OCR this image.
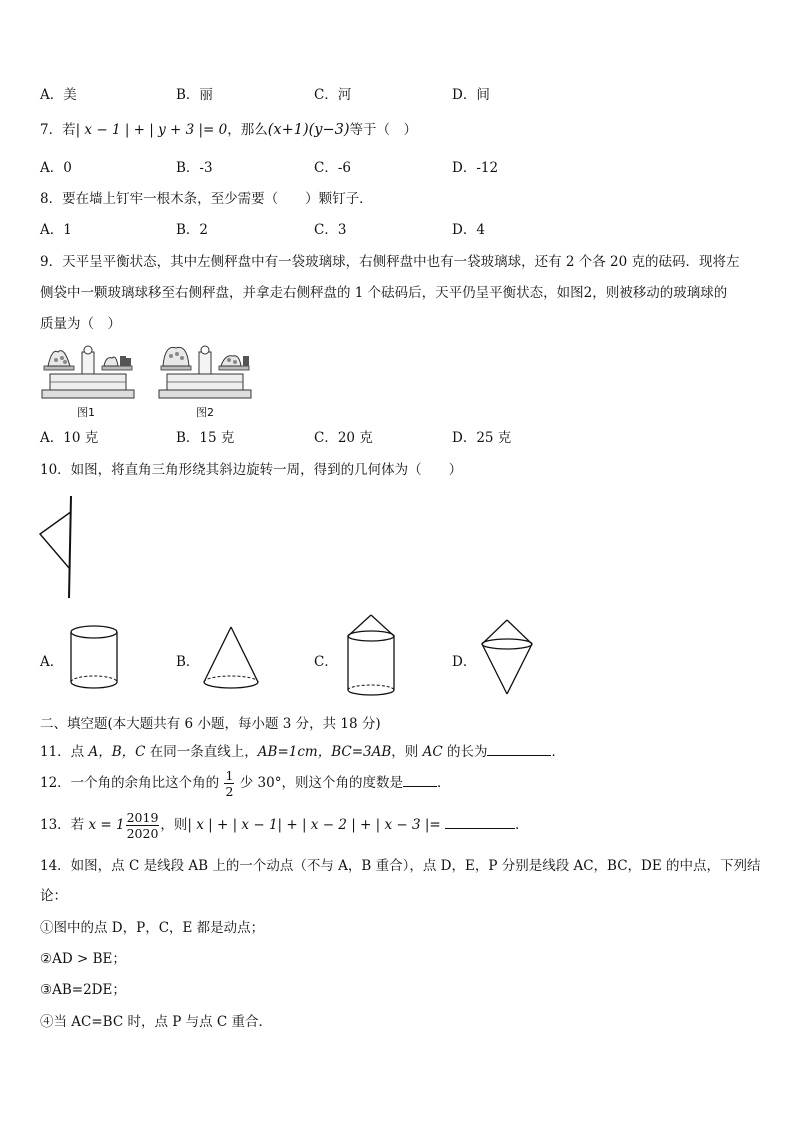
A．美	B．丽	C．河	D．间
7．若| x − 1 | + | y + 3 |= 0，那么(x+1)(y−3)等于（　）
A．0	B．-3	C．-6	D．-12
8．要在墙上钉牢一根木条，至少需要（　　）颗钉子．
A．1	B．2	C．3	D．4
9．天平呈平衡状态，其中左侧秤盘中有一袋玻璃球，右侧秤盘中也有一袋玻璃球，还有 2 个各 20 克的砝码．现将左
侧袋中一颗玻璃球移至右侧秤盘，并拿走右侧秤盘的 1 个砝码后，天平仍呈平衡状态，如图2，则被移动的玻璃球的
质量为（　）
图1	图2
A．10 克	B．15 克	C．20 克	D．25 克
10．如图，将直角三角形绕其斜边旋转一周，得到的几何体为（　　）
A．	B．	C．	D．
二、填空题(本大题共有 6 小题，每小题 3 分，共 18 分)
11．点 A，B，C 在同一条直线上，AB=1cm，BC=3AB，则 AC 的长为	．
12．一个角的余角比这个角的 $\frac{1}{2}$ 少 30°，则这个角的度数是	．
13．若 $x = 1 \frac{2019}{2020}$ ，则| x | + | x − 1| + | x − 2 | + | x − 3 |=	．
14．如图，点 C 是线段 AB 上的一个动点（不与 A，B 重合），点 D，E，P 分别是线段 AC，BC，DE 的中点，下列结
论：
①图中的点 D，P，C，E 都是动点；
②AD > BE；
③AB=2DE；
④当 AC=BC 时，点 P 与点 C 重合．
